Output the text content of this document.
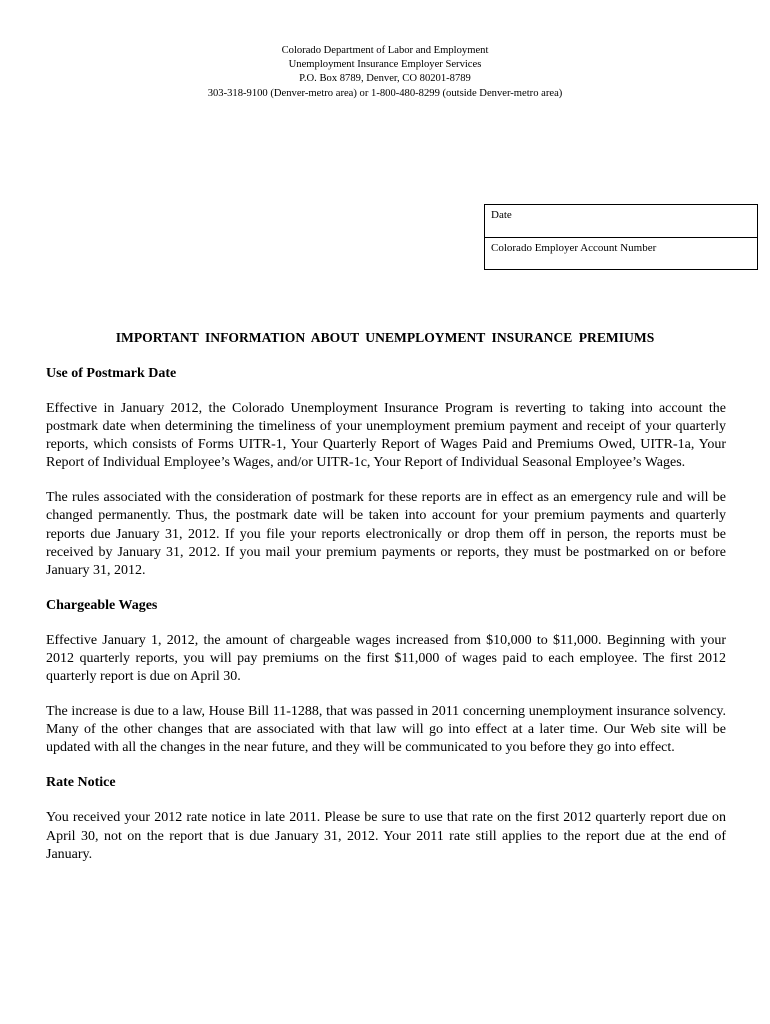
Colorado Department of Labor and Employment
Unemployment Insurance Employer Services
P.O. Box 8789, Denver, CO 80201-8789
303-318-9100 (Denver-metro area) or 1-800-480-8299 (outside Denver-metro area)
Date
Colorado Employer Account Number
IMPORTANT INFORMATION ABOUT UNEMPLOYMENT INSURANCE PREMIUMS
Use of Postmark Date

Effective in January 2012, the Colorado Unemployment Insurance Program is reverting to taking into account the postmark date when determining the timeliness of your unemployment premium payment and receipt of your quarterly reports, which consists of Forms UITR-1, Your Quarterly Report of Wages Paid and Premiums Owed, UITR-1a, Your Report of Individual Employee’s Wages, and/or UITR-1c, Your Report of Individual Seasonal Employee’s Wages.

The rules associated with the consideration of postmark for these reports are in effect as an emergency rule and will be changed permanently. Thus, the postmark date will be taken into account for your premium payments and quarterly reports due January 31, 2012. If you file your reports electronically or drop them off in person, the reports must be received by January 31, 2012. If you mail your premium payments or reports, they must be postmarked on or before January 31, 2012.

Chargeable Wages

Effective January 1, 2012, the amount of chargeable wages increased from $10,000 to $11,000. Beginning with your 2012 quarterly reports, you will pay premiums on the first $11,000 of wages paid to each employee. The first 2012 quarterly report is due on April 30.

The increase is due to a law, House Bill 11-1288, that was passed in 2011 concerning unemployment insurance solvency. Many of the other changes that are associated with that law will go into effect at a later time. Our Web site will be updated with all the changes in the near future, and they will be communicated to you before they go into effect.

Rate Notice

You received your 2012 rate notice in late 2011. Please be sure to use that rate on the first 2012 quarterly report due on April 30, not on the report that is due January 31, 2012. Your 2011 rate still applies to the report due at the end of January.
